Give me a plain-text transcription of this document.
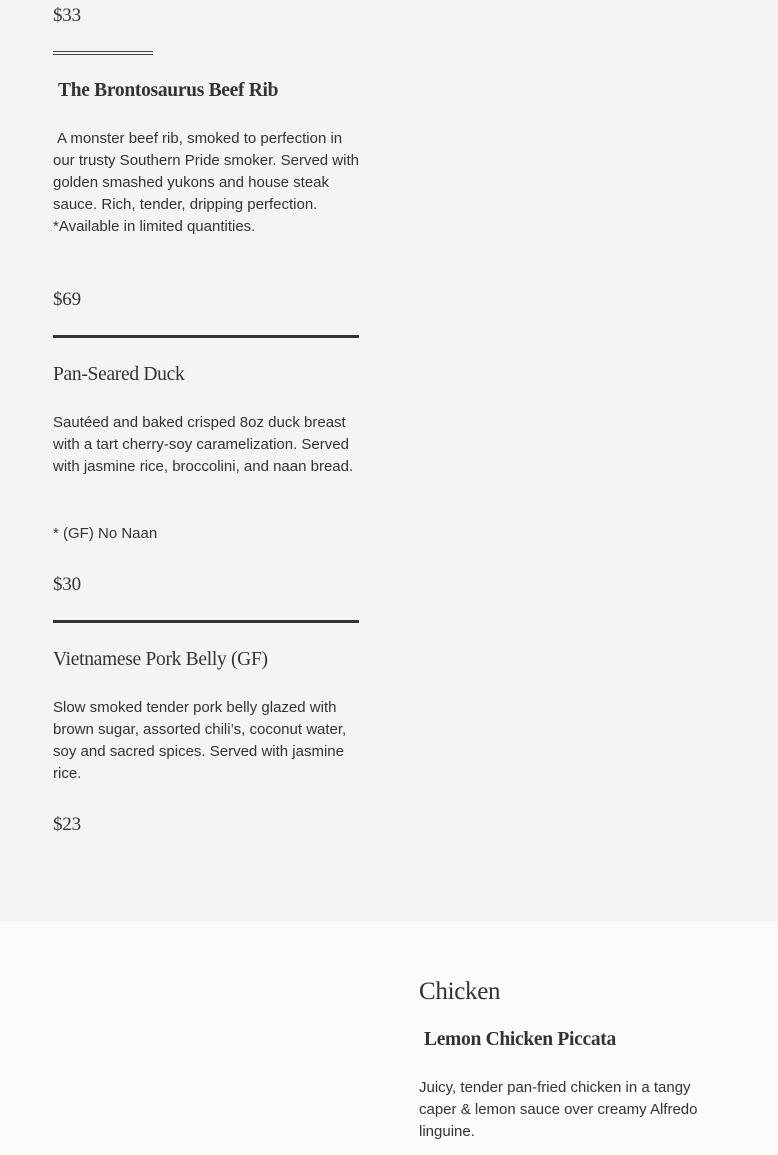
$33
The Brontosaurus Beef Rib
A monster beef rib, smoked to perfection in our trusty Southern Pride smoker. Served with golden smashed yukons and house steak sauce. Rich, tender, dripping perfection. *Available in limited quantities.
$69
Pan-Seared Duck
Sautéed and baked crisped 8oz duck breast with a tart cherry-soy caramelization. Served with jasmine rice, broccolini, and naan bread.
* (GF) No Naan
$30
Vietnamese Pork Belly (GF)
Slow smoked tender pork belly glazed with brown sugar, assorted chili’s, coconut water, soy and sacred spices. Served with jasmine rice.
$23
Chicken
Lemon Chicken Piccata
Juicy, tender pan-fried chicken in a tangy caper & lemon sauce over creamy Alfredo linguine.
